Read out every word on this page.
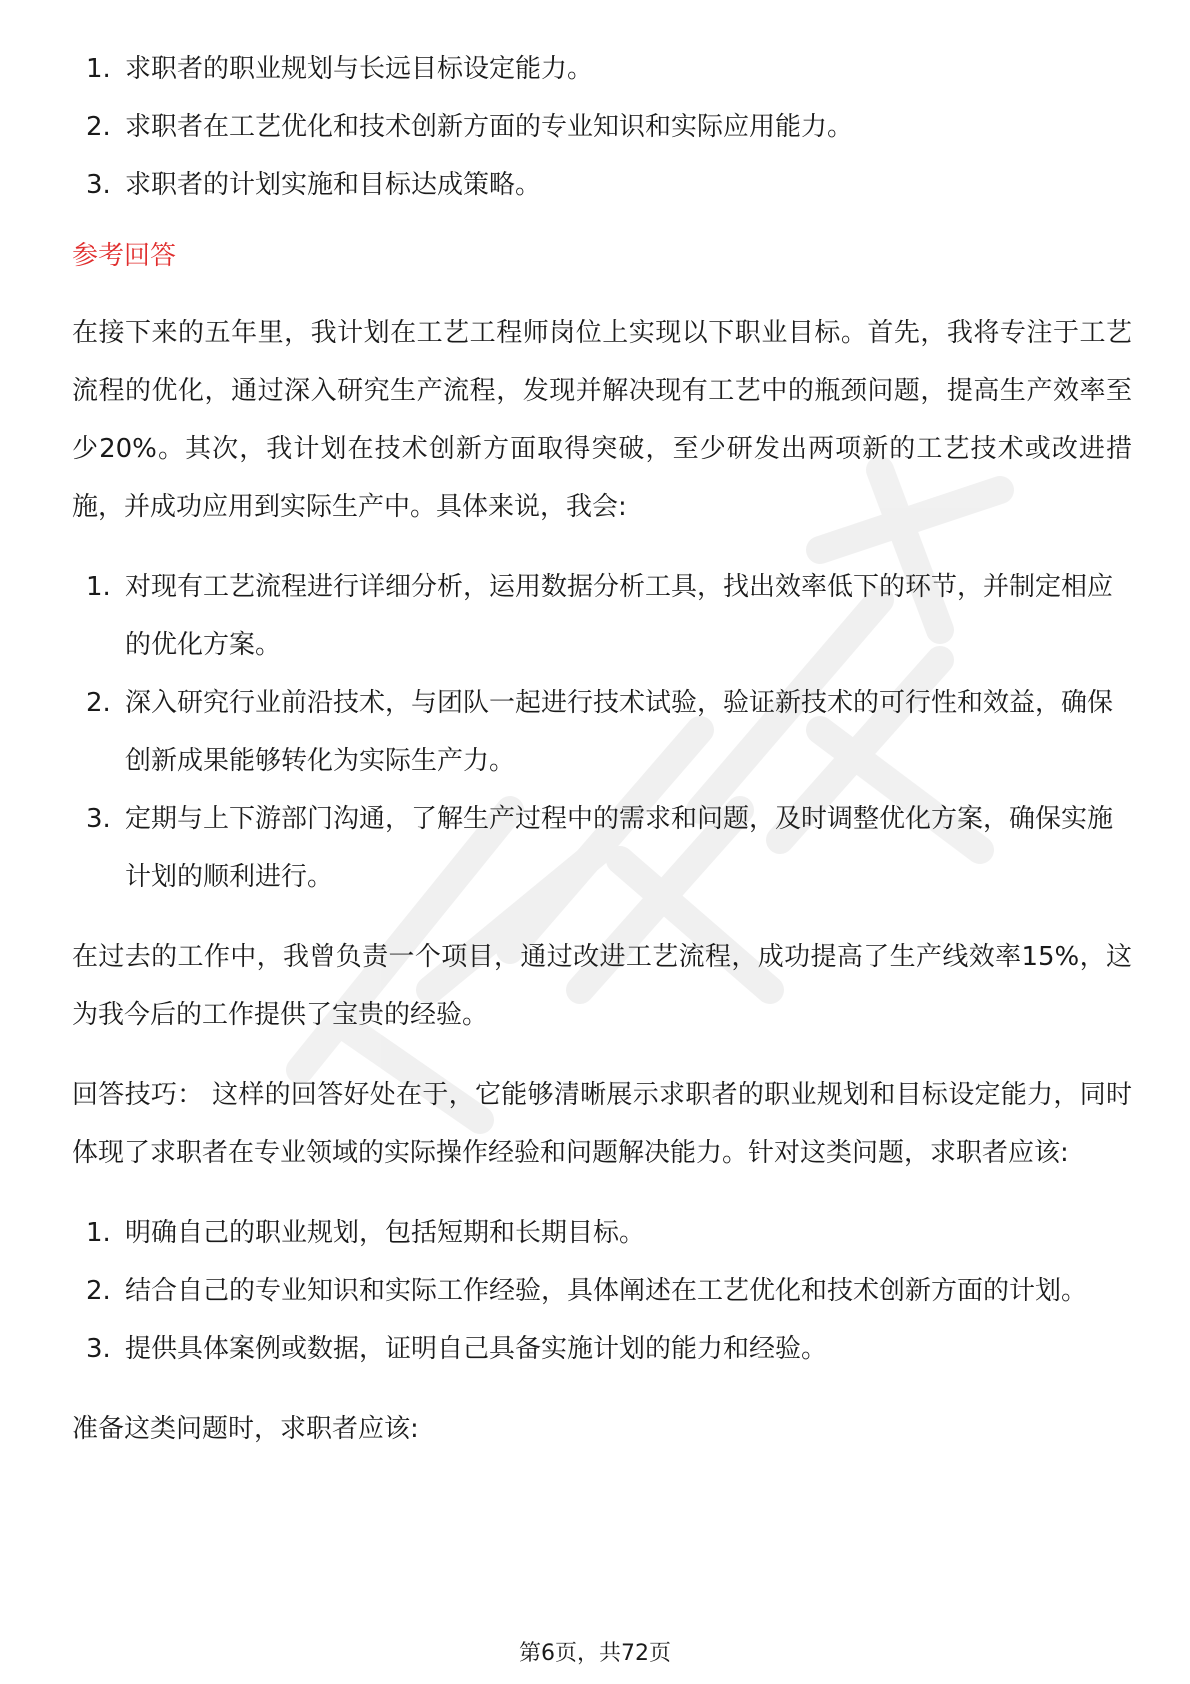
1. 求职者的职业规划与长远目标设定能力。
2. 求职者在工艺优化和技术创新方面的专业知识和实际应用能力。
3. 求职者的计划实施和目标达成策略。
参考回答

在接下来的五年里，我计划在工艺工程师岗位上实现以下职业目标。首先，我将专注于工艺流程的优化，通过深入研究生产流程，发现并解决现有工艺中的瓶颈问题，提高生产效率至少20%。其次，我计划在技术创新方面取得突破，至少研发出两项新的工艺技术或改进措施，并成功应用到实际生产中。具体来说，我会:

1. 对现有工艺流程进行详细分析，运用数据分析工具，找出效率低下的环节，并制定相应的优化方案。
2. 深入研究行业前沿技术，与团队一起进行技术试验，验证新技术的可行性和效益，确保创新成果能够转化为实际生产力。
3. 定期与上下游部门沟通，了解生产过程中的需求和问题，及时调整优化方案，确保实施计划的顺利进行。

在过去的工作中，我曾负责一个项目，通过改进工艺流程，成功提高了生产线效率15%，这为我今后的工作提供了宝贵的经验。

回答技巧： 这样的回答好处在于，它能够清晰展示求职者的职业规划和目标设定能力，同时体现了求职者在专业领域的实际操作经验和问题解决能力。针对这类问题，求职者应该:

1. 明确自己的职业规划，包括短期和长期目标。
2. 结合自己的专业知识和实际工作经验，具体阐述在工艺优化和技术创新方面的计划。
3. 提供具体案例或数据，证明自己具备实施计划的能力和经验。

准备这类问题时，求职者应该:

第6页，共72页
